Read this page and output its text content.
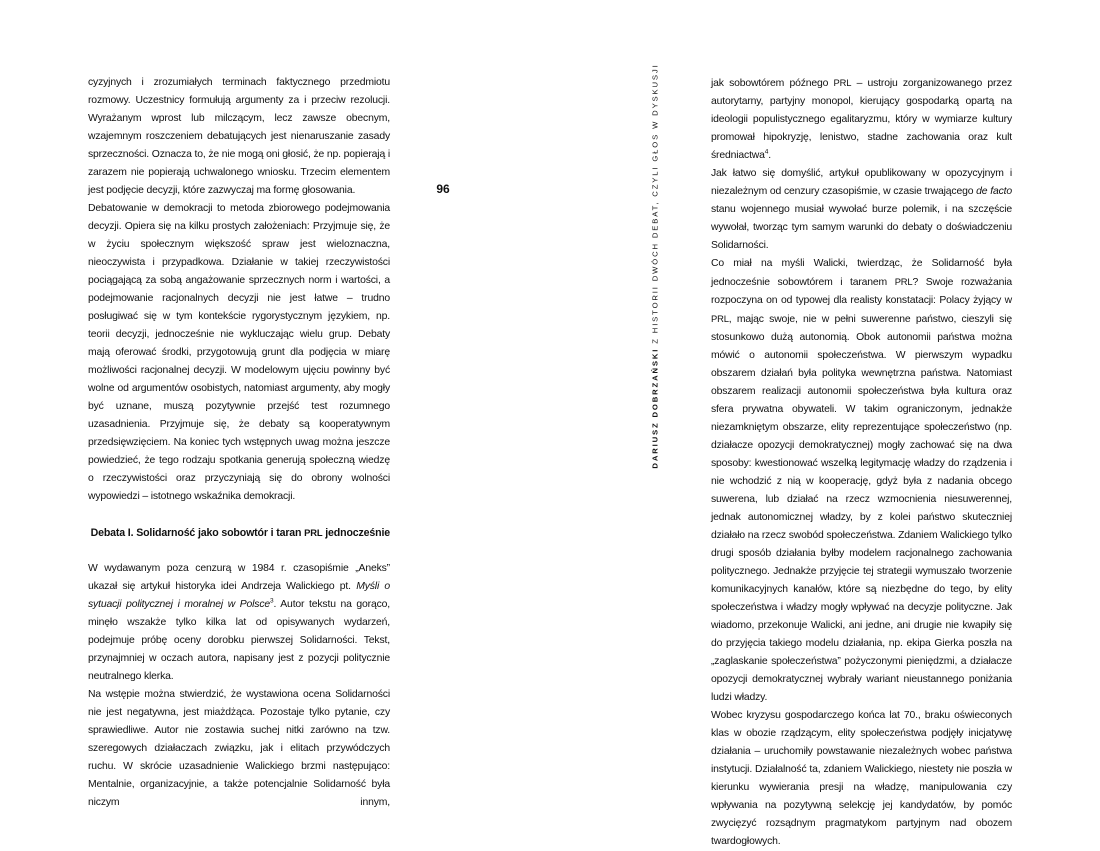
cyzyjnych i zrozumiałych terminach faktycznego przedmiotu rozmowy. Uczestnicy formułują argumenty za i przeciw rezolucji. Wyrażanym wprost lub milczącym, lecz zawsze obecnym, wzajemnym roszczeniem debatujących jest nienaruszanie zasady sprzeczności. Oznacza to, że nie mogą oni głosić, że np. popierają i zarazem nie popierają uchwalonego wniosku. Trzecim elementem jest podjęcie decyzji, które zazwyczaj ma formę głosowania.

Debatowanie w demokracji to metoda zbiorowego podejmowania decyzji. Opiera się na kilku prostych założeniach: Przyjmuje się, że w życiu społecznym większość spraw jest wieloznaczna, nieoczywista i przypadkowa. Działanie w takiej rzeczywistości pociągającą za sobą angażowanie sprzecznych norm i wartości, a podejmowanie racjonalnych decyzji nie jest łatwe – trudno posługiwać się w tym kontekście rygorystycznym językiem, np. teorii decyzji, jednocześnie nie wykluczając wielu grup. Debaty mają oferować środki, przygotowują grunt dla podjęcia w miarę możliwości racjonalnej decyzji. W modelowym ujęciu powinny być wolne od argumentów osobistych, natomiast argumenty, aby mogły być uznane, muszą pozytywnie przejść test rozumnego uzasadnienia. Przyjmuje się, że debaty są kooperatywnym przedsięwzięciem. Na koniec tych wstępnych uwag można jeszcze powiedzieć, że tego rodzaju spotkania generują społeczną wiedzę o rzeczywistości oraz przyczyniają się do obrony wolności wypowiedzi – istotnego wskaźnika demokracji.

Debata I. Solidarność jako sobowtór i taran PRL jednocześnie

W wydawanym poza cenzurą w 1984 r. czasopiśmie „Aneks” ukazał się artykuł historyka idei Andrzeja Walickiego pt. Myśli o sytuacji politycznej i moralnej w Polsce$^3$. Autor tekstu na gorąco, minęło wszakże tylko kilka lat od opisywanych wydarzeń, podejmuje próbę oceny dorobku pierwszej Solidarności. Tekst, przynajmniej w oczach autora, napisany jest z pozycji politycznie neutralnego klerka.

Na wstępie można stwierdzić, że wystawiona ocena Solidarności nie jest negatywna, jest miażdżąca. Pozostaje tylko pytanie, czy sprawiedliwe. Autor nie zostawia suchej nitki zarówno na tzw. szeregowych działaczach związku, jak i elitach przywódczych ruchu. W skrócie uzasadnienie Walickiego brzmi następująco: Mentalnie, organizacyjnie, a także potencjalnie Solidarność była niczym innym,

96
DARIUSZ DOBRZAŃSKI Z HISTORII DWÓCH DEBAT, CZYLI GŁOS W DYSKUSJI	jak sobowtórem późnego PRL – ustroju zorganizowanego przez autorytarny, partyjny monopol, kierujący gospodarką opartą na ideologii populistycznego egalitaryzmu, który w wymiarze kultury promował hipokryzję, lenistwo, stadne zachowania oraz kult średniactwa$^4$.

Jak łatwo się domyślić, artykuł opublikowany w opozycyjnym i niezależnym od cenzury czasopiśmie, w czasie trwającego de facto stanu wojennego musiał wywołać burze polemik, i na szczęście wywołał, tworząc tym samym warunki do debaty o doświadczeniu Solidarności.

Co miał na myśli Walicki, twierdząc, że Solidarność była jednocześnie sobowtórem i taranem PRL? Swoje rozważania rozpoczyna on od typowej dla realisty konstatacji: Polacy żyjący w PRL, mając swoje, nie w pełni suwerenne państwo, cieszyli się stosunkowo dużą autonomią. Obok autonomii państwa można mówić o autonomii społeczeństwa. W pierwszym wypadku obszarem działań była polityka wewnętrzna państwa. Natomiast obszarem realizacji autonomii społeczeństwa była kultura oraz sfera prywatna obywateli. W takim ograniczonym, jednakże niezamkniętym obszarze, elity reprezentujące społeczeństwo (np. działacze opozycji demokratycznej) mogły zachować się na dwa sposoby: kwestionować wszelką legitymację władzy do rządzenia i nie wchodzić z nią w kooperację, gdyż była z nadania obcego suwerena, lub działać na rzecz wzmocnienia niesuwerennej, jednak autonomicznej władzy, by z kolei państwo skuteczniej działało na rzecz swobód społeczeństwa. Zdaniem Walickiego tylko drugi sposób działania byłby modelem racjonalnego zachowania politycznego. Jednakże przyjęcie tej strategii wymuszało tworzenie komunikacyjnych kanałów, które są niezbędne do tego, by elity społeczeństwa i władzy mogły wpływać na decyzje polityczne. Jak wiadomo, przekonuje Walicki, ani jedne, ani drugie nie kwapiły się do przyjęcia takiego modelu działania, np. ekipa Gierka poszła na „zaglaskanie społeczeństwa” pożyczonymi pieniędzmi, a działacze opozycji demokratycznej wybrały wariant nieustannego poniżania ludzi władzy.

Wobec kryzysu gospodarczego końca lat 70., braku oświeconych klas w obozie rządzącym, elity społeczeństwa podjęły inicjatywę działania – uruchomiły powstawanie niezależnych wobec państwa instytucji. Działalność ta, zdaniem Walickiego, niestety nie poszła w kierunku wywierania presji na władzę, manipulowania czy wpływania na pozytywną selekcję jej kandydatów, by pomóc zwycięzyć rozsądnym pragmatykom partyjnym nad obozem twardogłowych.
